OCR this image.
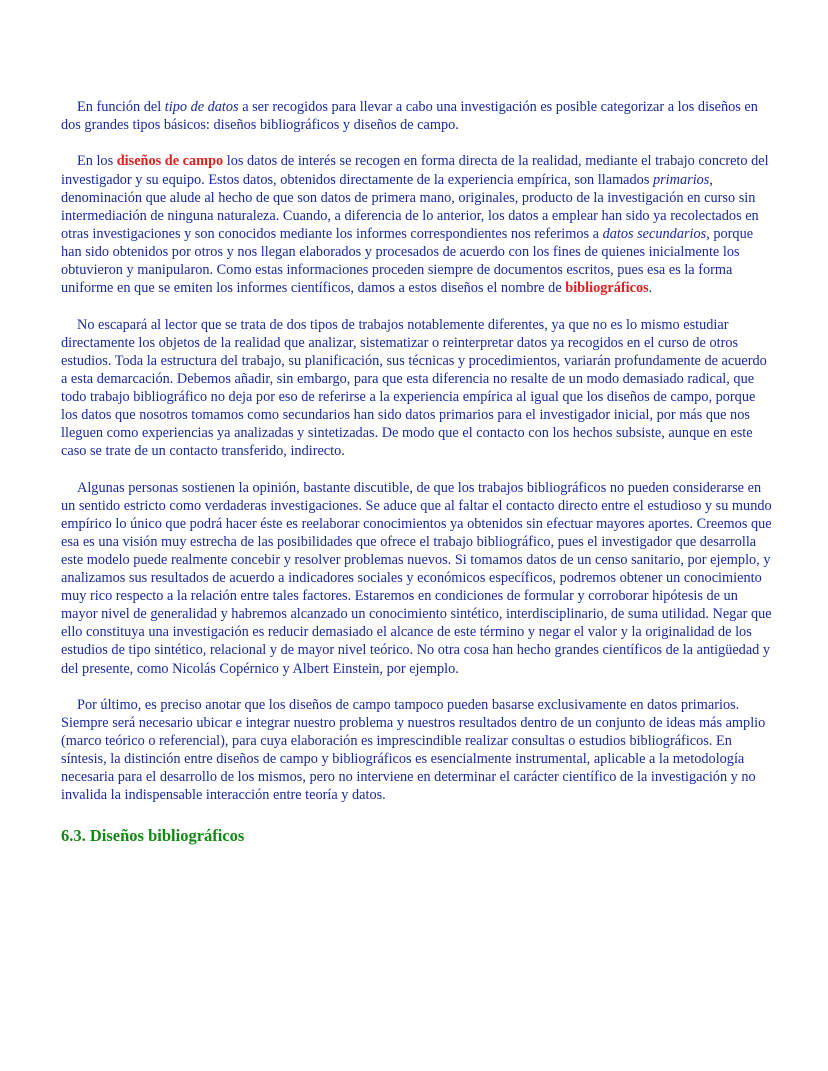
En función del tipo de datos a ser recogidos para llevar a cabo una investigación es posible categorizar a los diseños en dos grandes tipos básicos: diseños bibliográficos y diseños de campo.

En los diseños de campo los datos de interés se recogen en forma directa de la realidad, mediante el trabajo concreto del investigador y su equipo. Estos datos, obtenidos directamente de la experiencia empírica, son llamados primarios, denominación que alude al hecho de que son datos de primera mano, originales, producto de la investigación en curso sin intermediación de ninguna naturaleza. Cuando, a diferencia de lo anterior, los datos a emplear han sido ya recolectados en otras investigaciones y son conocidos mediante los informes correspondientes nos referimos a datos secundarios, porque han sido obtenidos por otros y nos llegan elaborados y procesados de acuerdo con los fines de quienes inicialmente los obtuvieron y manipularon. Como estas informaciones proceden siempre de documentos escritos, pues esa es la forma uniforme en que se emiten los informes científicos, damos a estos diseños el nombre de bibliográficos.

No escapará al lector que se trata de dos tipos de trabajos notablemente diferentes, ya que no es lo mismo estudiar directamente los objetos de la realidad que analizar, sistematizar o reinterpretar datos ya recogidos en el curso de otros estudios. Toda la estructura del trabajo, su planificación, sus técnicas y procedimientos, variarán profundamente de acuerdo a esta demarcación. Debemos añadir, sin embargo, para que esta diferencia no resalte de un modo demasiado radical, que todo trabajo bibliográfico no deja por eso de referirse a la experiencia empírica al igual que los diseños de campo, porque los datos que nosotros tomamos como secundarios han sido datos primarios para el investigador inicial, por más que nos lleguen como experiencias ya analizadas y sintetizadas. De modo que el contacto con los hechos subsiste, aunque en este caso se trate de un contacto transferido, indirecto.

Algunas personas sostienen la opinión, bastante discutible, de que los trabajos bibliográficos no pueden considerarse en un sentido estricto como verdaderas investigaciones. Se aduce que al faltar el contacto directo entre el estudioso y su mundo empírico lo único que podrá hacer éste es reelaborar conocimientos ya obtenidos sin efectuar mayores aportes. Creemos que esa es una visión muy estrecha de las posibilidades que ofrece el trabajo bibliográfico, pues el investigador que desarrolla este modelo puede realmente concebir y resolver problemas nuevos. Si tomamos datos de un censo sanitario, por ejemplo, y analizamos sus resultados de acuerdo a indicadores sociales y económicos específicos, podremos obtener un conocimiento muy rico respecto a la relación entre tales factores. Estaremos en condiciones de formular y corroborar hipótesis de un mayor nivel de generalidad y habremos alcanzado un conocimiento sintético, interdisciplinario, de suma utilidad. Negar que ello constituya una investigación es reducir demasiado el alcance de este término y negar el valor y la originalidad de los estudios de tipo sintético, relacional y de mayor nivel teórico. No otra cosa han hecho grandes científicos de la antigüedad y del presente, como Nicolás Copérnico y Albert Einstein, por ejemplo.

Por último, es preciso anotar que los diseños de campo tampoco pueden basarse exclusivamente en datos primarios. Siempre será necesario ubicar e integrar nuestro problema y nuestros resultados dentro de un conjunto de ideas más amplio (marco teórico o referencial), para cuya elaboración es imprescindible realizar consultas o estudios bibliográficos. En síntesis, la distinción entre diseños de campo y bibliográficos es esencialmente instrumental, aplicable a la metodología necesaria para el desarrollo de los mismos, pero no interviene en determinar el carácter científico de la investigación y no invalida la indispensable interacción entre teoría y datos.

6.3. Diseños bibliográficos
